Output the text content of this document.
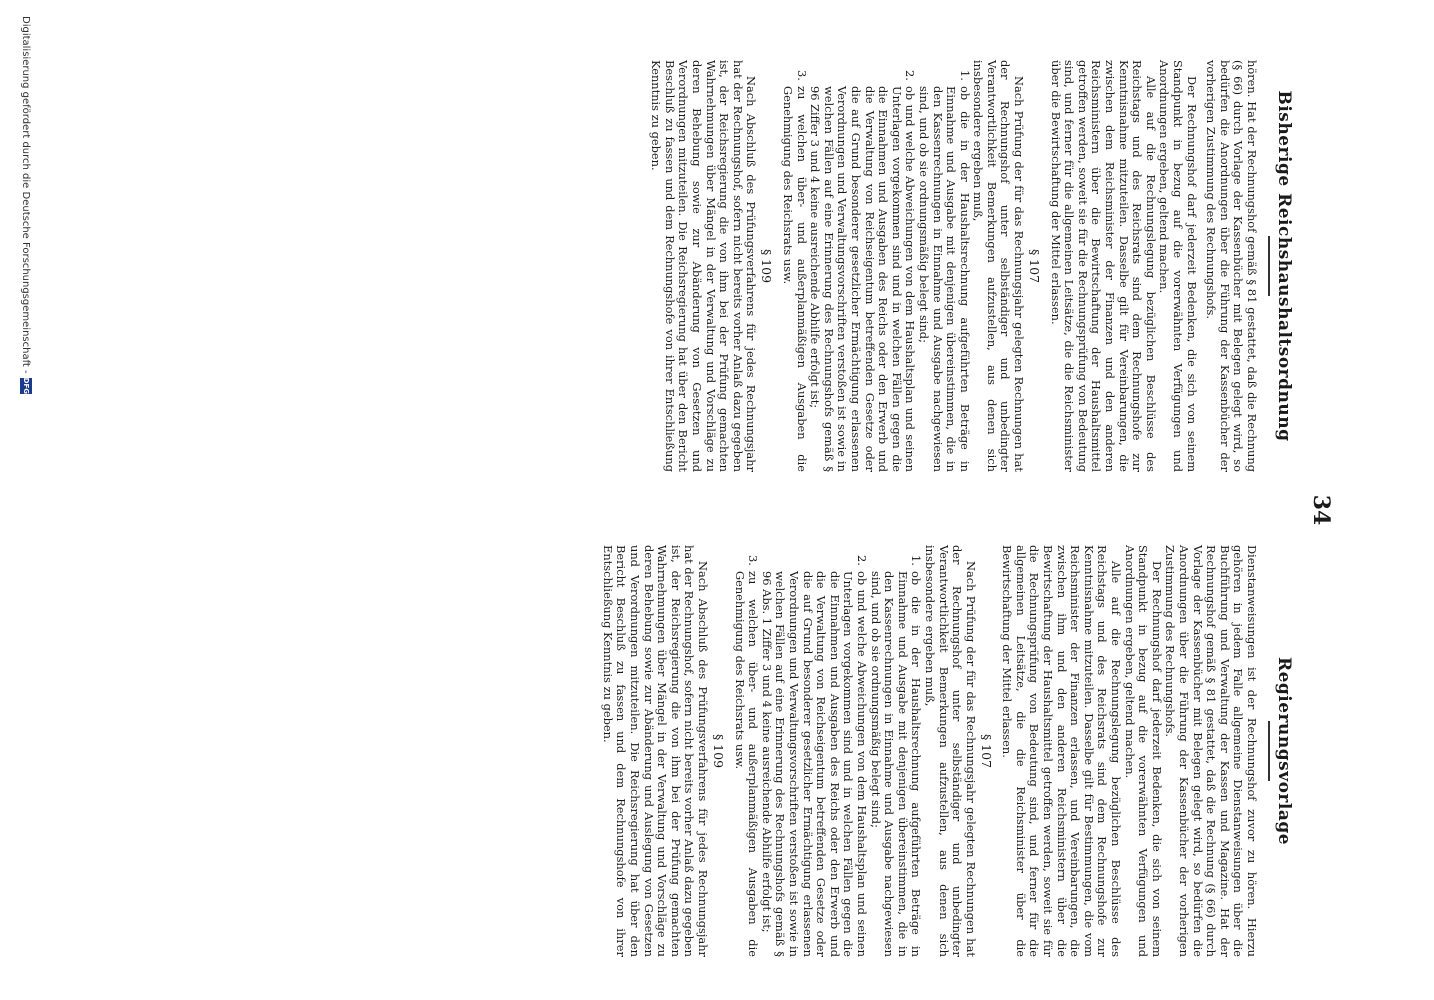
34
Bisherige Reichshaushaltsordnung

hören. Hat der Rechnungshof gemäß § 81 gestattet, daß die Rechnung (§ 66) durch Vorlage der Kassenbücher mit Belegen gelegt wird, so bedürfen die Anordnungen über die Führung der Kassenbücher der vorherigen Zustimmung des Rechnungshofs.

Der Rechnungshof darf jederzeit Bedenken, die sich von seinem Standpunkt in bezug auf die vorerwähnten Verfügungen und Anordnungen ergeben, geltend machen.

Alle auf die Rechnungslegung bezüglichen Beschlüsse des Reichstags und des Reichsrats sind dem Rechnungshofe zur Kenntnisnahme mitzuteilen. Dasselbe gilt für Vereinbarungen, die zwischen dem Reichsminister der Finanzen und den anderen Reichsministern über die Bewirtschaftung der Haushaltsmittel getroffen werden, soweit sie für die Rechnungsprüfung von Bedeutung sind, und ferner für die allgemeinen Leitsätze, die die Reichsminister über die Bewirtschaftung der Mittel erlassen.

§ 107

Nach Prüfung der für das Rechnungsjahr gelegten Rechnungen hat der Rechnungshof unter selbständiger und unbedingter Verantwortlichkeit Bemerkungen aufzustellen, aus denen sich insbesondere ergeben muß,

1.
ob die in der Haushaltsrechnung aufgeführten Beträge in Einnahme und Ausgabe mit denjenigen übereinstimmen, die in den Kassenrechnungen in Einnahme und Ausgabe nachgewiesen sind, und ob sie ordnungsmäßig belegt sind;
2.
ob und welche Abweichungen von dem Haushaltsplan und seinen Unterlagen vorgekommen sind und in welchen Fällen gegen die die Einnahmen und Ausgaben des Reichs oder den Erwerb und die Verwaltung von Reichseigentum betreffenden Gesetze oder die auf Grund besonderer gesetzlicher Ermächtigung erlassenen Verordnungen und Verwaltungsvorschriften verstoßen ist sowie in welchen Fällen auf eine Erinnerung des Rechnungshofs gemäß § 96 Ziffer 3 und 4 keine ausreichende Abhilfe erfolgt ist;
3.
zu welchen über- und außerplanmäßigen Ausgaben die Genehmigung des Reichsrats usw.
§ 109

Nach Abschluß des Prüfungsverfahrens für jedes Rechnungsjahr hat der Rechnungshof, sofern nicht bereits vorher Anlaß dazu gegeben ist, der Reichsregierung die von ihm bei der Prüfung gemachten Wahrnehmungen über Mängel in der Verwaltung und Vorschläge zu deren Behebung sowie zur Abänderung von Gesetzen und Verordnungen mitzuteilen. Die Reichsregierung hat über den Bericht Beschluß zu fassen und dem Rechnungshofe von ihrer Entschließung Kenntnis zu geben.

Regierungsvorlage

Dienstanweisungen ist der Rechnungshof zuvor zu hören. Hierzu gehören in jedem Falle allgemeine Dienstanweisungen über die Buchführung und Verwaltung der Kassen und Magazine. Hat der Rechnungshof gemäß § 81 gestattet, daß die Rechnung (§ 66) durch Vorlage der Kassenbücher mit Belegen gelegt wird, so bedürfen die Anordnungen über die Führung der Kassenbücher der vorherigen Zustimmung des Rechnungshofs.

Der Rechnungshof darf jederzeit Bedenken, die sich von seinem Standpunkt in bezug auf die vorerwähnten Verfügungen und Anordnungen ergeben, geltend machen.

Alle auf die Rechnungslegung bezüglichen Beschlüsse des Reichstags und des Reichsrats sind dem Rechnungshofe zur Kenntnisnahme mitzuteilen. Dasselbe gilt für Bestimmungen, die vom Reichsminister der Finanzen erlassen, und Vereinbarungen, die zwischen ihm und den anderen Reichsministern über die Bewirtschaftung der Haushaltsmittel getroffen werden, soweit sie für die Rechnungsprüfung von Bedeutung sind, und ferner für die allgemeinen Leitsätze, die die Reichsminister über die Bewirtschaftung der Mittel erlassen.

§ 107

Nach Prüfung der für das Rechnungsjahr gelegten Rechnungen hat der Rechnungshof unter selbständiger und unbedingter Verantwortlichkeit Bemerkungen aufzustellen, aus denen sich insbesondere ergeben muß,

1.
ob die in der Haushaltsrechnung aufgeführten Beträge in Einnahme und Ausgabe mit denjenigen übereinstimmen, die in den Kassenrechnungen in Einnahme und Ausgabe nachgewiesen sind, und ob sie ordnungsmäßig belegt sind;
2.
ob und welche Abweichungen von dem Haushaltsplan und seinen Unterlagen vorgekommen sind und in welchen Fällen gegen die die Einnahmen und Ausgaben des Reichs oder den Erwerb und die Verwaltung von Reichseigentum betreffenden Gesetze oder die auf Grund besonderer gesetzlicher Ermächtigung erlassenen Verordnungen und Verwaltungsvorschriften verstoßen ist sowie in welchen Fällen auf eine Erinnerung des Rechnungshofs gemäß § 96 Abs. 1 Ziffer 3 und 4 keine ausreichende Abhilfe erfolgt ist;
3.
zu welchen über- und außerplanmäßigen Ausgaben die Genehmigung des Reichsrats usw.
§ 109

Nach Abschluß des Prüfungsverfahrens für jedes Rechnungsjahr hat der Rechnungshof, sofern nicht bereits vorher Anlaß dazu gegeben ist, der Reichsregierung die von ihm bei der Prüfung gemachten Wahrnehmungen über Mängel in der Verwaltung und Vorschläge zu deren Behebung sowie zur Abänderung und Auslegung von Gesetzen und Verordnungen mitzuteilen. Die Reichsregierung hat über den Bericht Beschluß zu fassen und dem Rechnungshofe von ihrer Entschließung Kenntnis zu geben.

Digitalisierung gefördert durch die Deutsche Forschungsgemeinschaft -
DFG
